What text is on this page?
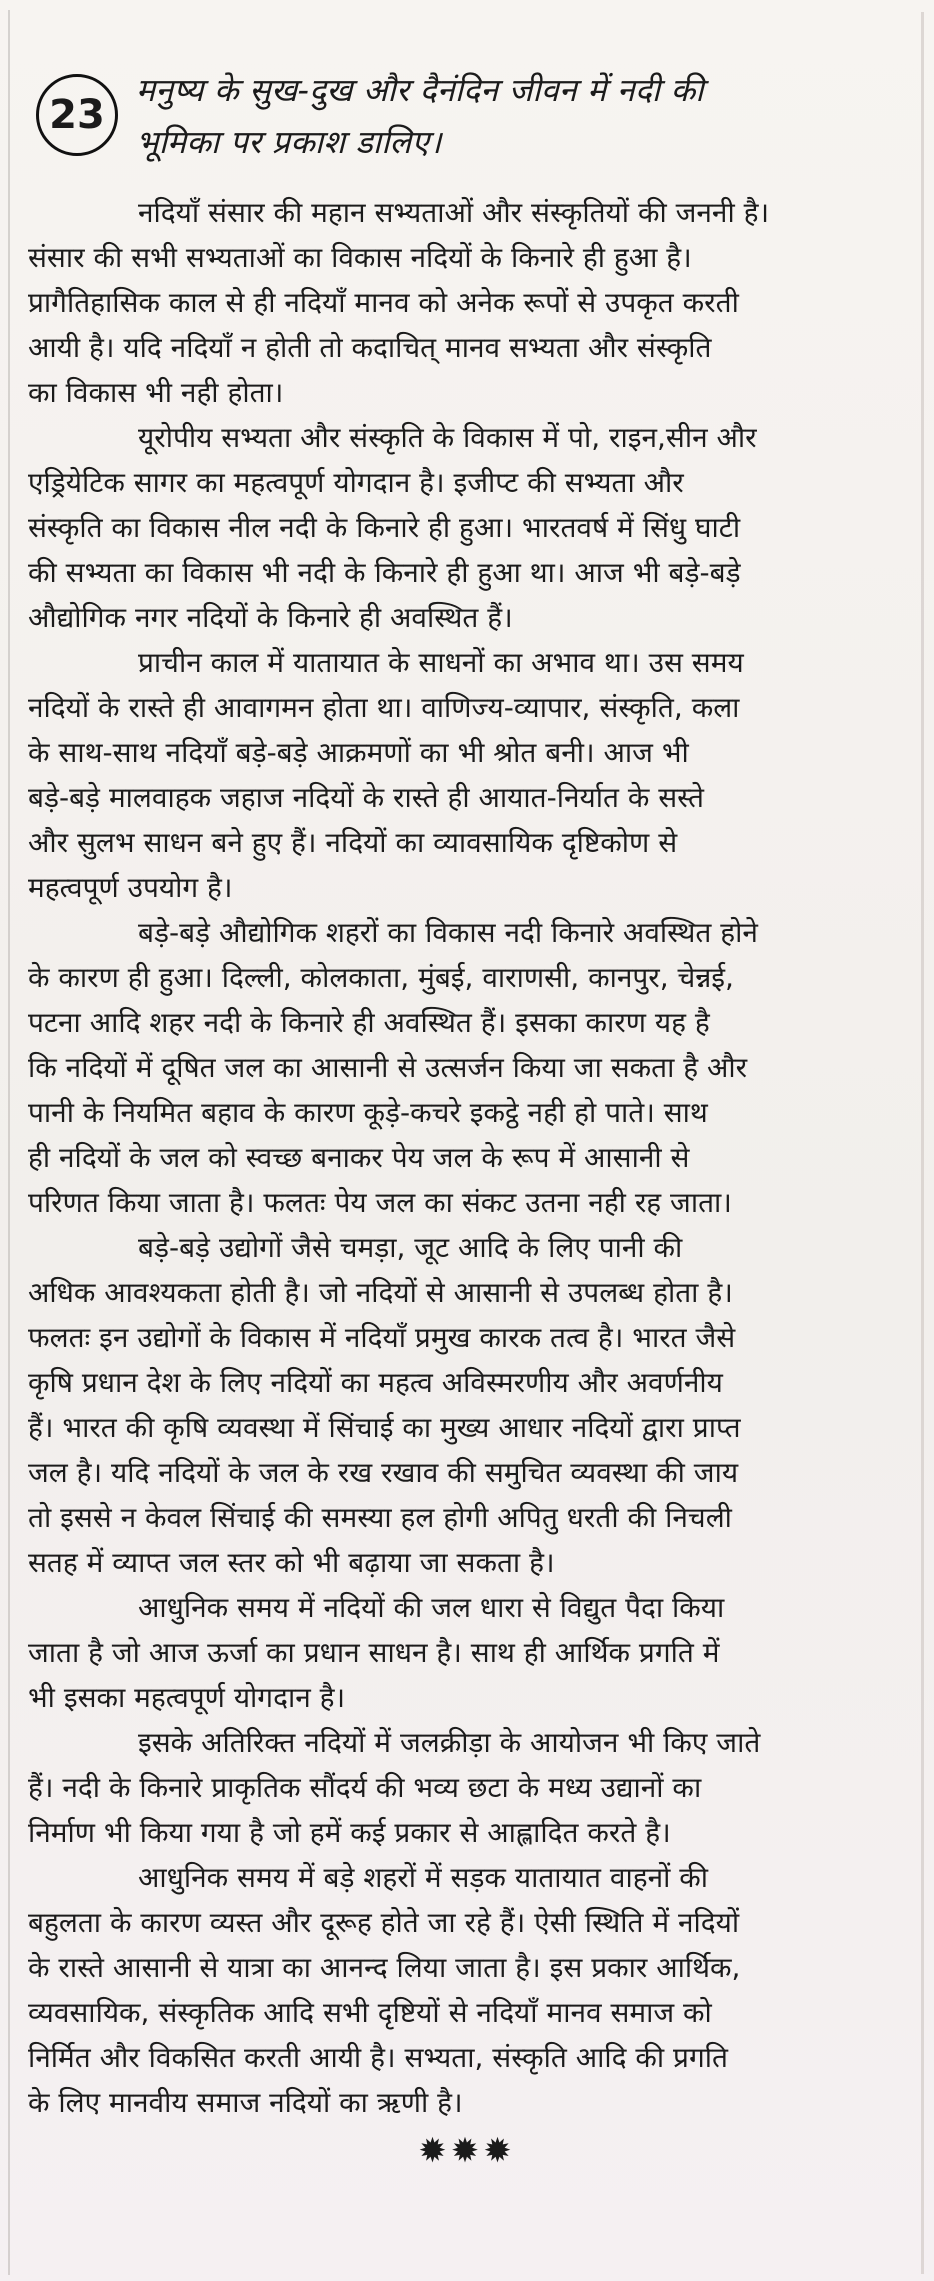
23
मनुष्य के सुख-दुख और दैनंदिन जीवन में नदी की
भूमिका पर प्रकाश डालिए।
नदियाँ संसार की महान सभ्यताओं और संस्कृतियों की जननी है।
संसार की सभी सभ्यताओं का विकास नदियों के किनारे ही हुआ है।
प्रागैतिहासिक काल से ही नदियाँ मानव को अनेक रूपों से उपकृत करती
आयी है। यदि नदियाँ न होती तो कदाचित् मानव सभ्यता और संस्कृति
का विकास भी नही होता।
यूरोपीय सभ्यता और संस्कृति के विकास में पो, राइन,सीन और
एड्रियेटिक सागर का महत्वपूर्ण योगदान है। इजीप्ट की सभ्यता और
संस्कृति का विकास नील नदी के किनारे ही हुआ। भारतवर्ष में सिंधु घाटी
की सभ्यता का विकास भी नदी के किनारे ही हुआ था। आज भी बड़े-बड़े
औद्योगिक नगर नदियों के किनारे ही अवस्थित हैं।
प्राचीन काल में यातायात के साधनों का अभाव था। उस समय
नदियों के रास्ते ही आवागमन होता था। वाणिज्य-व्यापार, संस्कृति, कला
के साथ-साथ नदियाँ बड़े-बड़े आक्रमणों का भी श्रोत बनी। आज भी
बड़े-बड़े मालवाहक जहाज नदियों के रास्ते ही आयात-निर्यात के सस्ते
और सुलभ साधन बने हुए हैं। नदियों का व्यावसायिक दृष्टिकोण से
महत्वपूर्ण उपयोग है।
बड़े-बड़े औद्योगिक शहरों का विकास नदी किनारे अवस्थित होने
के कारण ही हुआ। दिल्ली, कोलकाता, मुंबई, वाराणसी, कानपुर, चेन्नई,
पटना आदि शहर नदी के किनारे ही अवस्थित हैं। इसका कारण यह है
कि नदियों में दूषित जल का आसानी से उत्सर्जन किया जा सकता है और
पानी के नियमित बहाव के कारण कूड़े-कचरे इकट्ठे नही हो पाते। साथ
ही नदियों के जल को स्वच्छ बनाकर पेय जल के रूप में आसानी से
परिणत किया जाता है। फलतः पेय जल का संकट उतना नही रह जाता।
बड़े-बड़े उद्योगों जैसे चमड़ा, जूट आदि के लिए पानी की
अधिक आवश्यकता होती है। जो नदियों से आसानी से उपलब्ध होता है।
फलतः इन उद्योगों के विकास में नदियाँ प्रमुख कारक तत्व है। भारत जैसे
कृषि प्रधान देश के लिए नदियों का महत्व अविस्मरणीय और अवर्णनीय
हैं। भारत की कृषि व्यवस्था में सिंचाई का मुख्य आधार नदियों द्वारा प्राप्त
जल है। यदि नदियों के जल के रख रखाव की समुचित व्यवस्था की जाय
तो इससे न केवल सिंचाई की समस्या हल होगी अपितु धरती की निचली
सतह में व्याप्त जल स्तर को भी बढ़ाया जा सकता है।
आधुनिक समय में नदियों की जल धारा से विद्युत पैदा किया
जाता है जो आज ऊर्जा का प्रधान साधन है। साथ ही आर्थिक प्रगति में
भी इसका महत्वपूर्ण योगदान है।
इसके अतिरिक्त नदियों में जलक्रीड़ा के आयोजन भी किए जाते
हैं। नदी के किनारे प्राकृतिक सौंदर्य की भव्य छटा के मध्य उद्यानों का
निर्माण भी किया गया है जो हमें कई प्रकार से आह्लादित करते है।
आधुनिक समय में बड़े शहरों में सड़क यातायात वाहनों की
बहुलता के कारण व्यस्त और दूरूह होते जा रहे हैं। ऐसी स्थिति में नदियों
के रास्ते आसानी से यात्रा का आनन्द लिया जाता है। इस प्रकार आर्थिक,
व्यवसायिक, संस्कृतिक आदि सभी दृष्टियों से नदियाँ मानव समाज को
निर्मित और विकसित करती आयी है। सभ्यता, संस्कृति आदि की प्रगति
के लिए मानवीय समाज नदियों का ऋणी है।
✹✹✹
